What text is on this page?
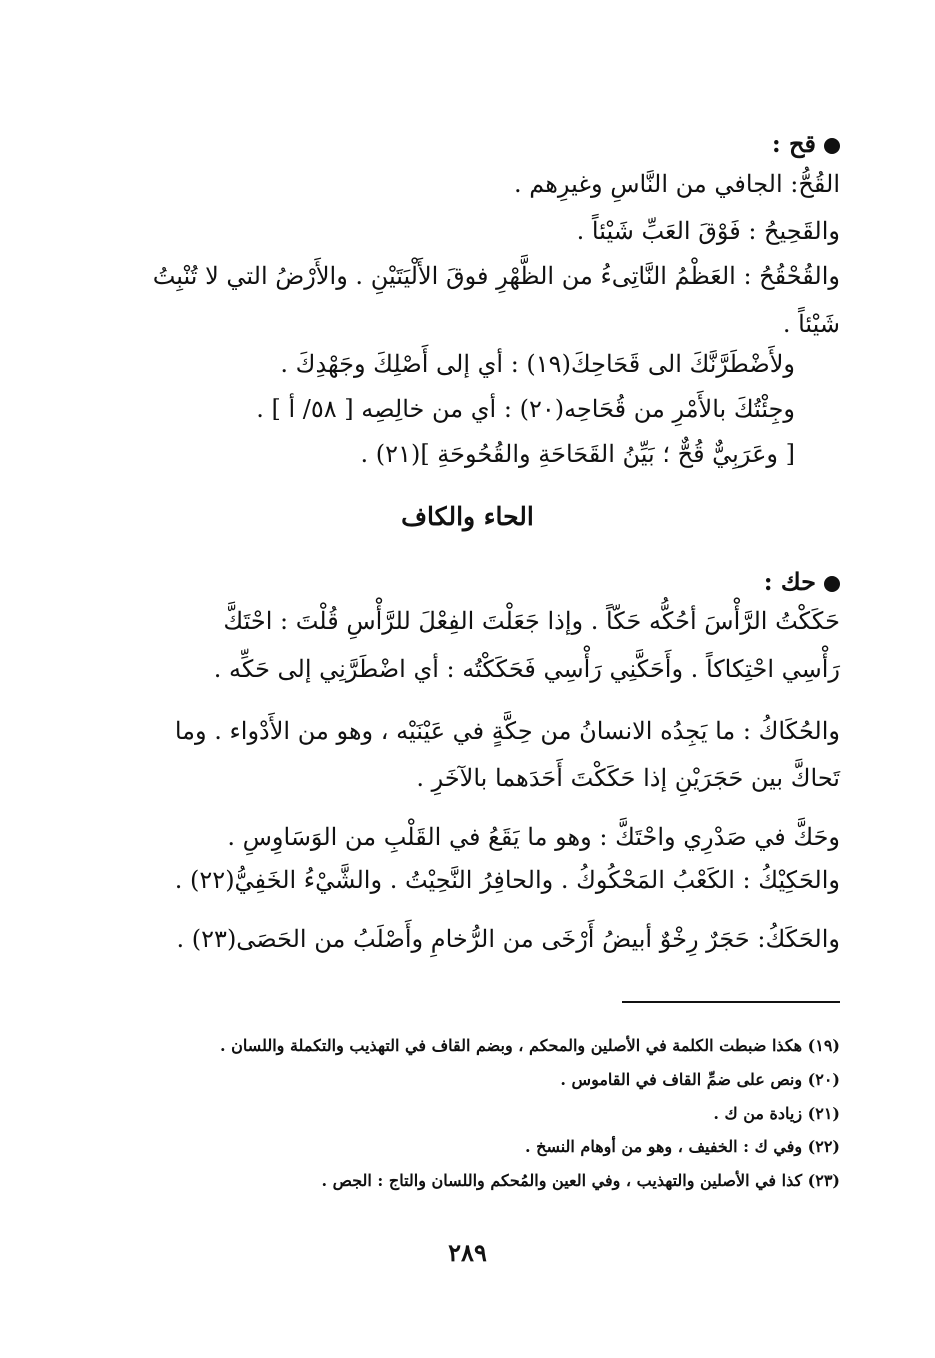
قح :
القُحُّ: الجافي من النَّاسِ وغيرِهم .
والقَحِيحُ : فَوْقَ العَبِّ شَيْئاً .
والقُحْقُحُ : العَظْمُ النَّاتِىءُ من الظَّهْرِ فوقَ الأَلْيَتَيْنِ . والأَرْضُ التي لا تُنْبِتُ
شَيْئاً .
ولأَضْطَرَّنَّكَ الى قَحَاحِكَ(١٩) : أي إلى أَصْلِكَ وجَهْدِكَ .
وجِئْتُكَ بالأَمْرِ من قُحَاحِه(٢٠) : أي من خالِصِه [ ٥٨/ أ ] .
[ وعَرَبِيٌّ قُحٌّ ؛ بَيِّنُ القَحَاحَةِ والقُحُوحَةِ ](٢١) .
الحاء والكاف
حك :
حَكَكْتُ الرَّأْسَ أحُكُّه حَكّاً . وإذا جَعَلْتَ الفِعْلَ للرَّأْسِ قُلْتَ : احْتَكَّ
رَأْسِي احْتِكاكاً . وأَحَكَّنِي رَأْسِي فَحَكَكْتُه : أي اضْطَرَّنِي إلى حَكِّه .
والحُكَاكُ : ما يَجِدُه الانسانُ من حِكَّةٍ في عَيْنَيْه ، وهو من الأَدْواء . وما
تَحاكَّ بين حَجَرَيْنِ إذا حَكَكْتَ أَحَدَهما بالآخَرِ .
وحَكَّ في صَدْرِي واحْتَكَّ : وهو ما يَقَعُ في القَلْبِ من الوَسَاوِسِ .
والحَكِيْكُ : الكَعْبُ المَحْكُوكُ . والحافِرُ النَّحِيْتُ . والشَّيْءُ الخَفِيُّ(٢٢) .
والحَكَكُ: حَجَرٌ رِخْوٌ أبيضُ أَرْخَى من الرُّخامِ وأَصْلَبُ من الحَصَى(٢٣) .
(١٩) هكذا ضبطت الكلمة في الأصلين والمحكم ، وبضم القاف في التهذيب والتكملة واللسان .
(٢٠) ونص على ضمِّ القاف في القاموس .
(٢١) زيادة من ك .
(٢٢) وفي ك : الخفيف ، وهو من أوهام النسخ .
(٢٣) كذا في الأصلين والتهذيب ، وفي العين والمُحكم واللسان والتاج : الجص .
٢٨٩
